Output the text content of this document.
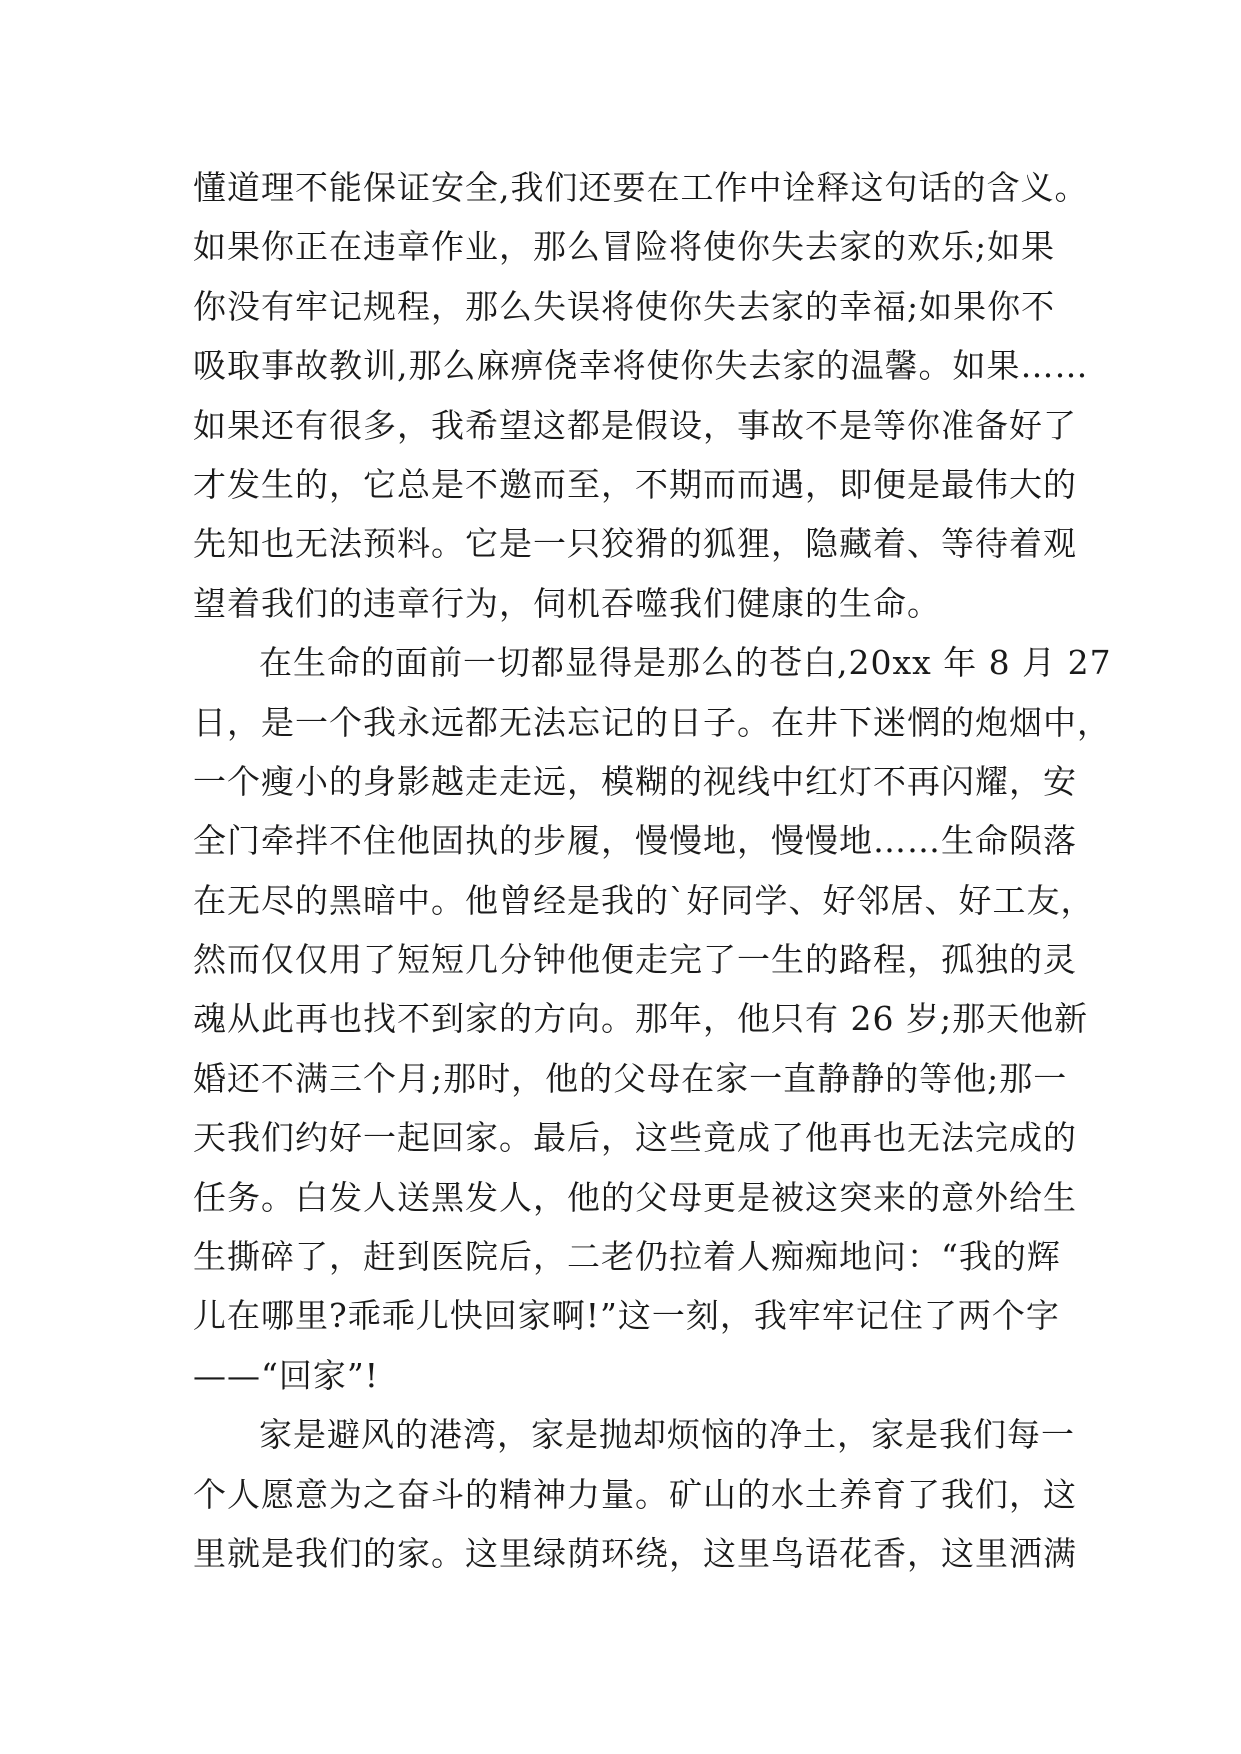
懂道理不能保证安全,我们还要在工作中诠释这句话的含义。
如果你正在违章作业，那么冒险将使你失去家的欢乐;如果
你没有牢记规程，那么失误将使你失去家的幸福;如果你不
吸取事故教训,那么麻痹侥幸将使你失去家的温馨。如果……
如果还有很多，我希望这都是假设，事故不是等你准备好了
才发生的，它总是不邀而至，不期而而遇，即便是最伟大的
先知也无法预料。它是一只狡猾的狐狸，隐藏着、等待着观
望着我们的违章行为，伺机吞噬我们健康的生命。
在生命的面前一切都显得是那么的苍白,20xx 年 8 月 27
日，是一个我永远都无法忘记的日子。在井下迷惘的炮烟中，
一个瘦小的身影越走走远，模糊的视线中红灯不再闪耀，安
全门牵拌不住他固执的步履，慢慢地，慢慢地……生命陨落
在无尽的黑暗中。他曾经是我的`好同学、好邻居、好工友，
然而仅仅用了短短几分钟他便走完了一生的路程，孤独的灵
魂从此再也找不到家的方向。那年，他只有 26 岁;那天他新
婚还不满三个月;那时，他的父母在家一直静静的等他;那一
天我们约好一起回家。最后，这些竟成了他再也无法完成的
任务。白发人送黑发人，他的父母更是被这突来的意外给生
生撕碎了，赶到医院后，二老仍拉着人痴痴地问：“我的辉
儿在哪里?乖乖儿快回家啊!”这一刻，我牢牢记住了两个字
——“回家”!
家是避风的港湾，家是抛却烦恼的净土，家是我们每一
个人愿意为之奋斗的精神力量。矿山的水土养育了我们，这
里就是我们的家。这里绿荫环绕，这里鸟语花香，这里洒满
